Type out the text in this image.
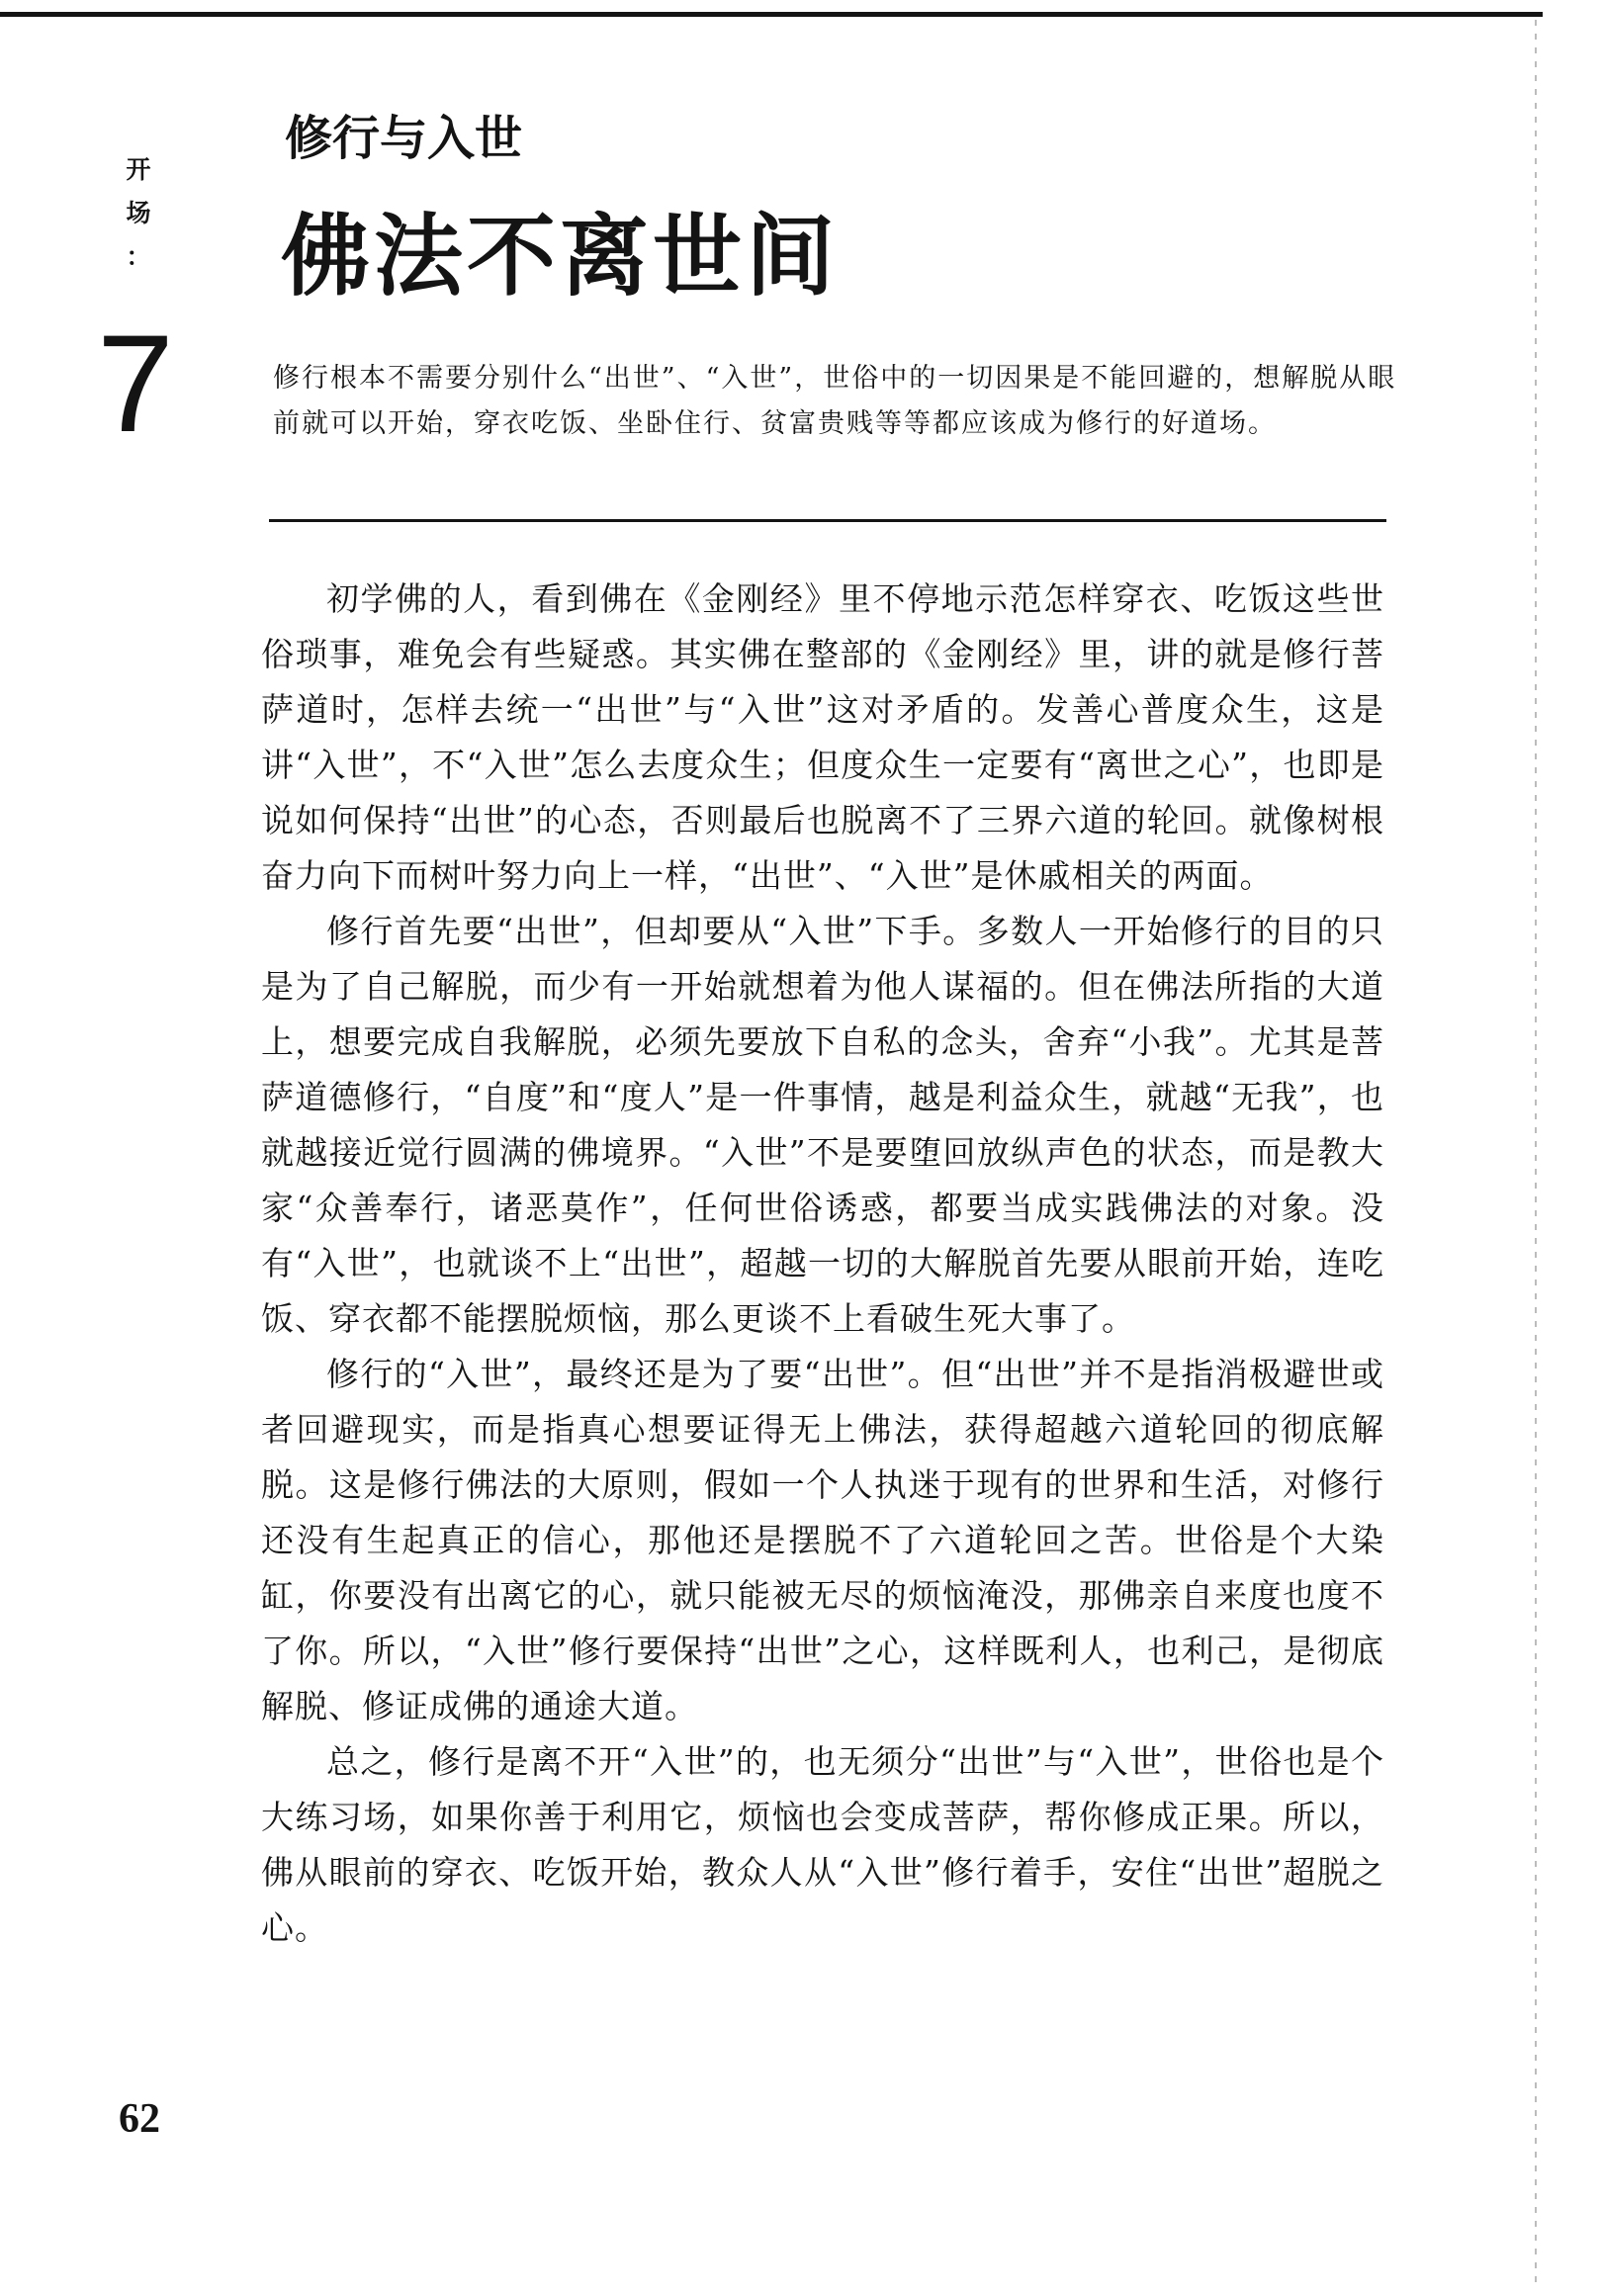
开
场
：
7
修行与入世
佛法不离世间
修行根本不需要分别什么“出世”、“入世”，世俗中的一切因果是不能回避的，想解脱从眼前就可以开始，穿衣吃饭、坐卧住行、贫富贵贱等等都应该成为修行的好道场。

初学佛的人，看到佛在《金刚经》里不停地示范怎样穿衣、吃饭这些世俗琐事，难免会有些疑惑。其实佛在整部的《金刚经》里，讲的就是修行菩萨道时，怎样去统一“出世”与“入世”这对矛盾的。发善心普度众生，这是讲“入世”，不“入世”怎么去度众生；但度众生一定要有“离世之心”，也即是说如何保持“出世”的心态，否则最后也脱离不了三界六道的轮回。就像树根奋力向下而树叶努力向上一样，“出世”、“入世”是休戚相关的两面。

修行首先要“出世”，但却要从“入世”下手。多数人一开始修行的目的只是为了自己解脱，而少有一开始就想着为他人谋福的。但在佛法所指的大道上，想要完成自我解脱，必须先要放下自私的念头，舍弃“小我”。尤其是菩萨道德修行，“自度”和“度人”是一件事情，越是利益众生，就越“无我”，也就越接近觉行圆满的佛境界。“入世”不是要堕回放纵声色的状态，而是教大家“众善奉行，诸恶莫作”，任何世俗诱惑，都要当成实践佛法的对象。没有“入世”，也就谈不上“出世”，超越一切的大解脱首先要从眼前开始，连吃饭、穿衣都不能摆脱烦恼，那么更谈不上看破生死大事了。

修行的“入世”，最终还是为了要“出世”。但“出世”并不是指消极避世或者回避现实，而是指真心想要证得无上佛法，获得超越六道轮回的彻底解脱。这是修行佛法的大原则，假如一个人执迷于现有的世界和生活，对修行还没有生起真正的信心，那他还是摆脱不了六道轮回之苦。世俗是个大染缸，你要没有出离它的心，就只能被无尽的烦恼淹没，那佛亲自来度也度不了你。所以，“入世”修行要保持“出世”之心，这样既利人，也利己，是彻底解脱、修证成佛的通途大道。

总之，修行是离不开“入世”的，也无须分“出世”与“入世”，世俗也是个大练习场，如果你善于利用它，烦恼也会变成菩萨，帮你修成正果。所以，佛从眼前的穿衣、吃饭开始，教众人从“入世”修行着手，安住“出世”超脱之心。

62
